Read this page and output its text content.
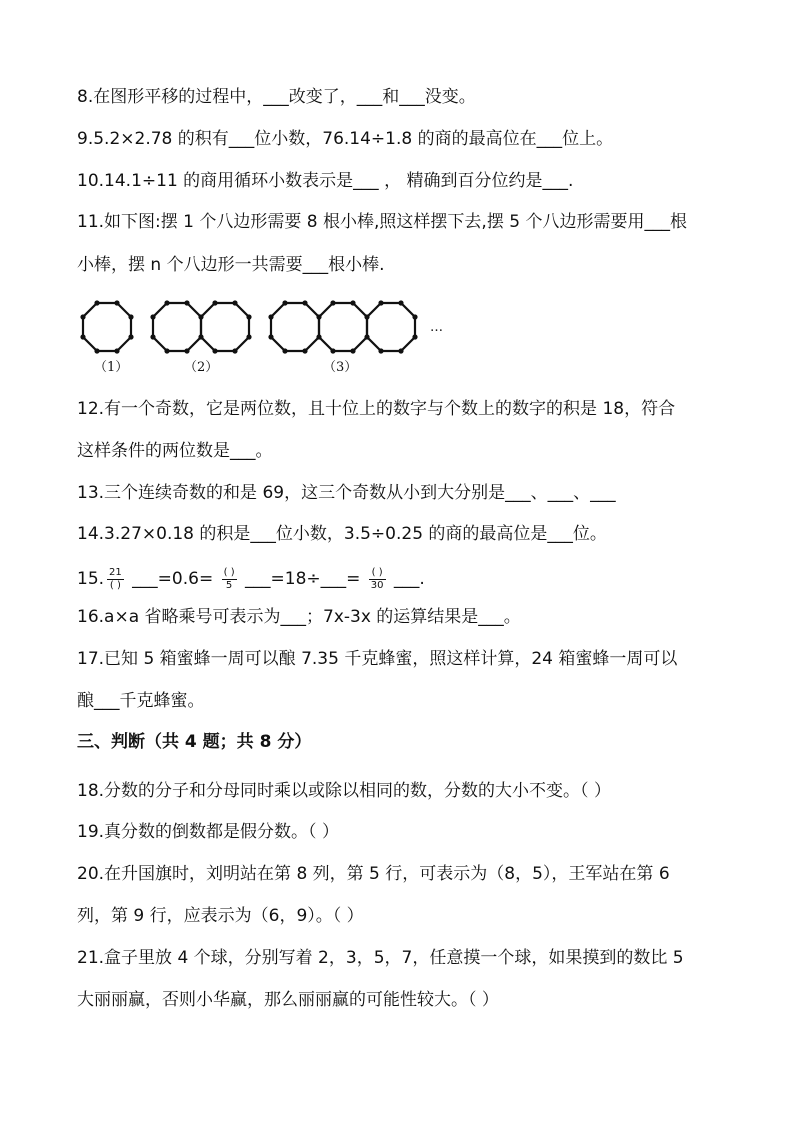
8.在图形平移的过程中，___改变了，___和___没变。
9.5.2×2.78 的积有___位小数，76.14÷1.8 的商的最高位在___位上。
10.14.1÷11 的商用循环小数表示是___ ， 精确到百分位约是___.
11.如下图:摆 1 个八边形需要 8 根小棒,照这样摆下去,摆 5 个八边形需要用___根
小棒，摆 n 个八边形一共需要___根小棒.
…
（1）	（2）	（3）
12.有一个奇数，它是两位数，且十位上的数字与个数上的数字的积是 18，符合
这样条件的两位数是___。
13.三个连续奇数的和是 69，这三个奇数从小到大分别是___、___、___
14.3.27×0.18 的积是___位小数，3.5÷0.25 的商的最高位是___位。
15. $\frac{21}{( )}$ ___=0.6= $\frac{( )}{5}$ ___=18÷___= $\frac{( )}{30}$ ___.
16.a×a 省略乘号可表示为___；7x-3x 的运算结果是___。
17.已知 5 箱蜜蜂一周可以酿 7.35 千克蜂蜜，照这样计算，24 箱蜜蜂一周可以
酿___千克蜂蜜。
三、判断（共 4 题；共 8 分）
18.分数的分子和分母同时乘以或除以相同的数，分数的大小不变。（ ）
19.真分数的倒数都是假分数。（ ）
20.在升国旗时，刘明站在第 8 列，第 5 行，可表示为（8，5），王军站在第 6
列，第 9 行，应表示为（6，9）。（ ）
21.盒子里放 4 个球，分别写着 2，3，5，7，任意摸一个球，如果摸到的数比 5
大丽丽赢，否则小华赢，那么丽丽赢的可能性较大。（ ）
